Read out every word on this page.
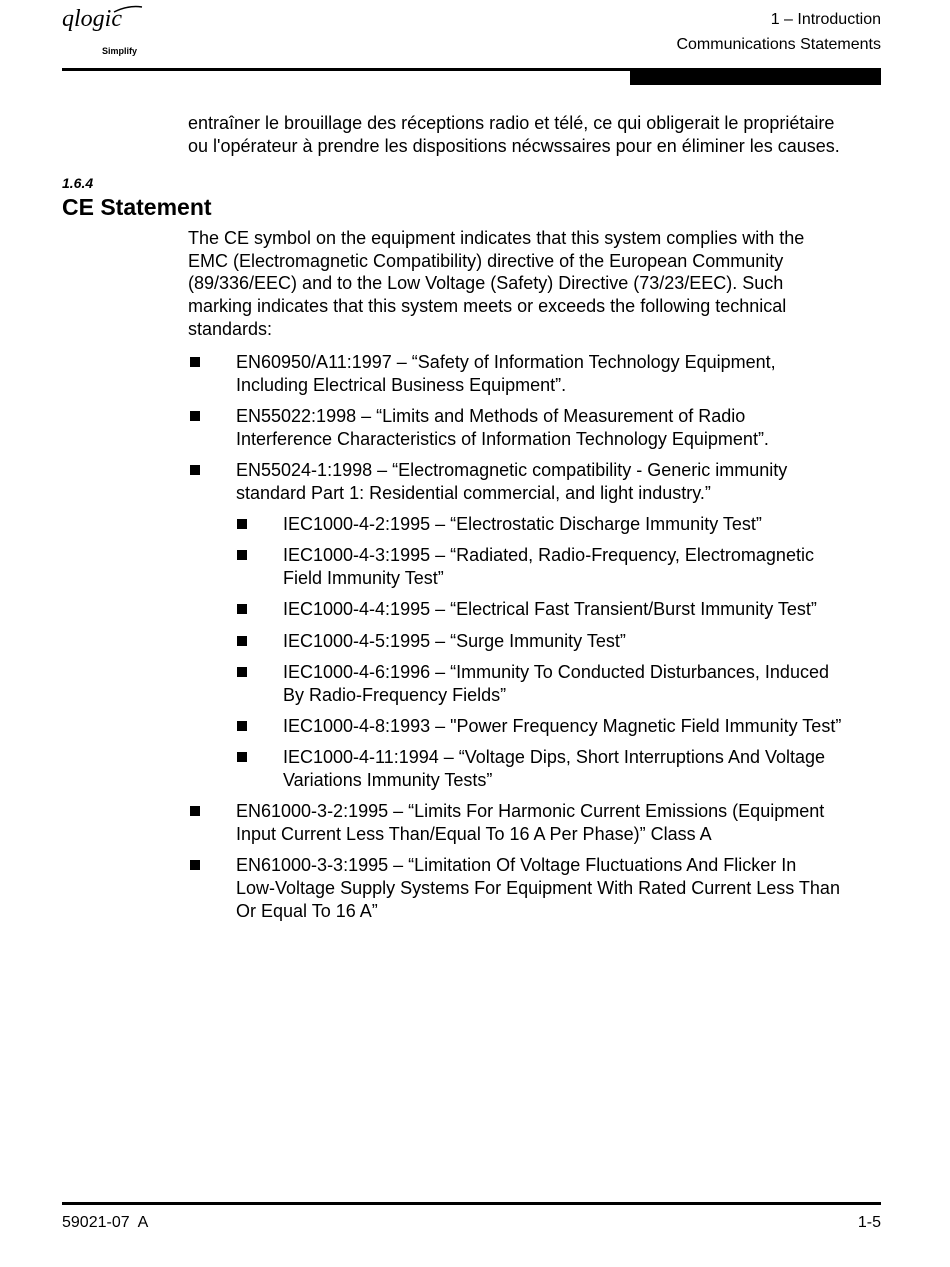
qlogic
Simplify
1 – Introduction
Communications Statements
entraîner le brouillage des réceptions radio et télé, ce qui obligerait le propriétaire
ou l'opérateur à prendre les dispositions nécwssaires pour en éliminer les causes.
1.6.4
CE Statement
The CE symbol on the equipment indicates that this system complies with the
EMC (Electromagnetic Compatibility) directive of the European Community
(89/336/EEC) and to the Low Voltage (Safety) Directive (73/23/EEC). Such
marking indicates that this system meets or exceeds the following technical
standards:
EN60950/A11:1997 – “Safety of Information Technology Equipment,
Including Electrical Business Equipment”.
EN55022:1998 – “Limits and Methods of Measurement of Radio
Interference Characteristics of Information Technology Equipment”.
EN55024-1:1998 – “Electromagnetic compatibility - Generic immunity
standard Part 1: Residential commercial, and light industry.”
IEC1000-4-2:1995 – “Electrostatic Discharge Immunity Test”
IEC1000-4-3:1995 – “Radiated, Radio-Frequency, Electromagnetic
Field Immunity Test”
IEC1000-4-4:1995 – “Electrical Fast Transient/Burst Immunity Test”
IEC1000-4-5:1995 – “Surge Immunity Test”
IEC1000-4-6:1996 – “Immunity To Conducted Disturbances, Induced
By Radio-Frequency Fields”
IEC1000-4-8:1993 – "Power Frequency Magnetic Field Immunity Test”
IEC1000-4-11:1994 – “Voltage Dips, Short Interruptions And Voltage
Variations Immunity Tests”
EN61000-3-2:1995 – “Limits For Harmonic Current Emissions (Equipment
Input Current Less Than/Equal To 16 A Per Phase)” Class A
EN61000-3-3:1995 – “Limitation Of Voltage Fluctuations And Flicker In
Low-Voltage Supply Systems For Equipment With Rated Current Less Than
Or Equal To 16 A”
59021-07  A	1-5
